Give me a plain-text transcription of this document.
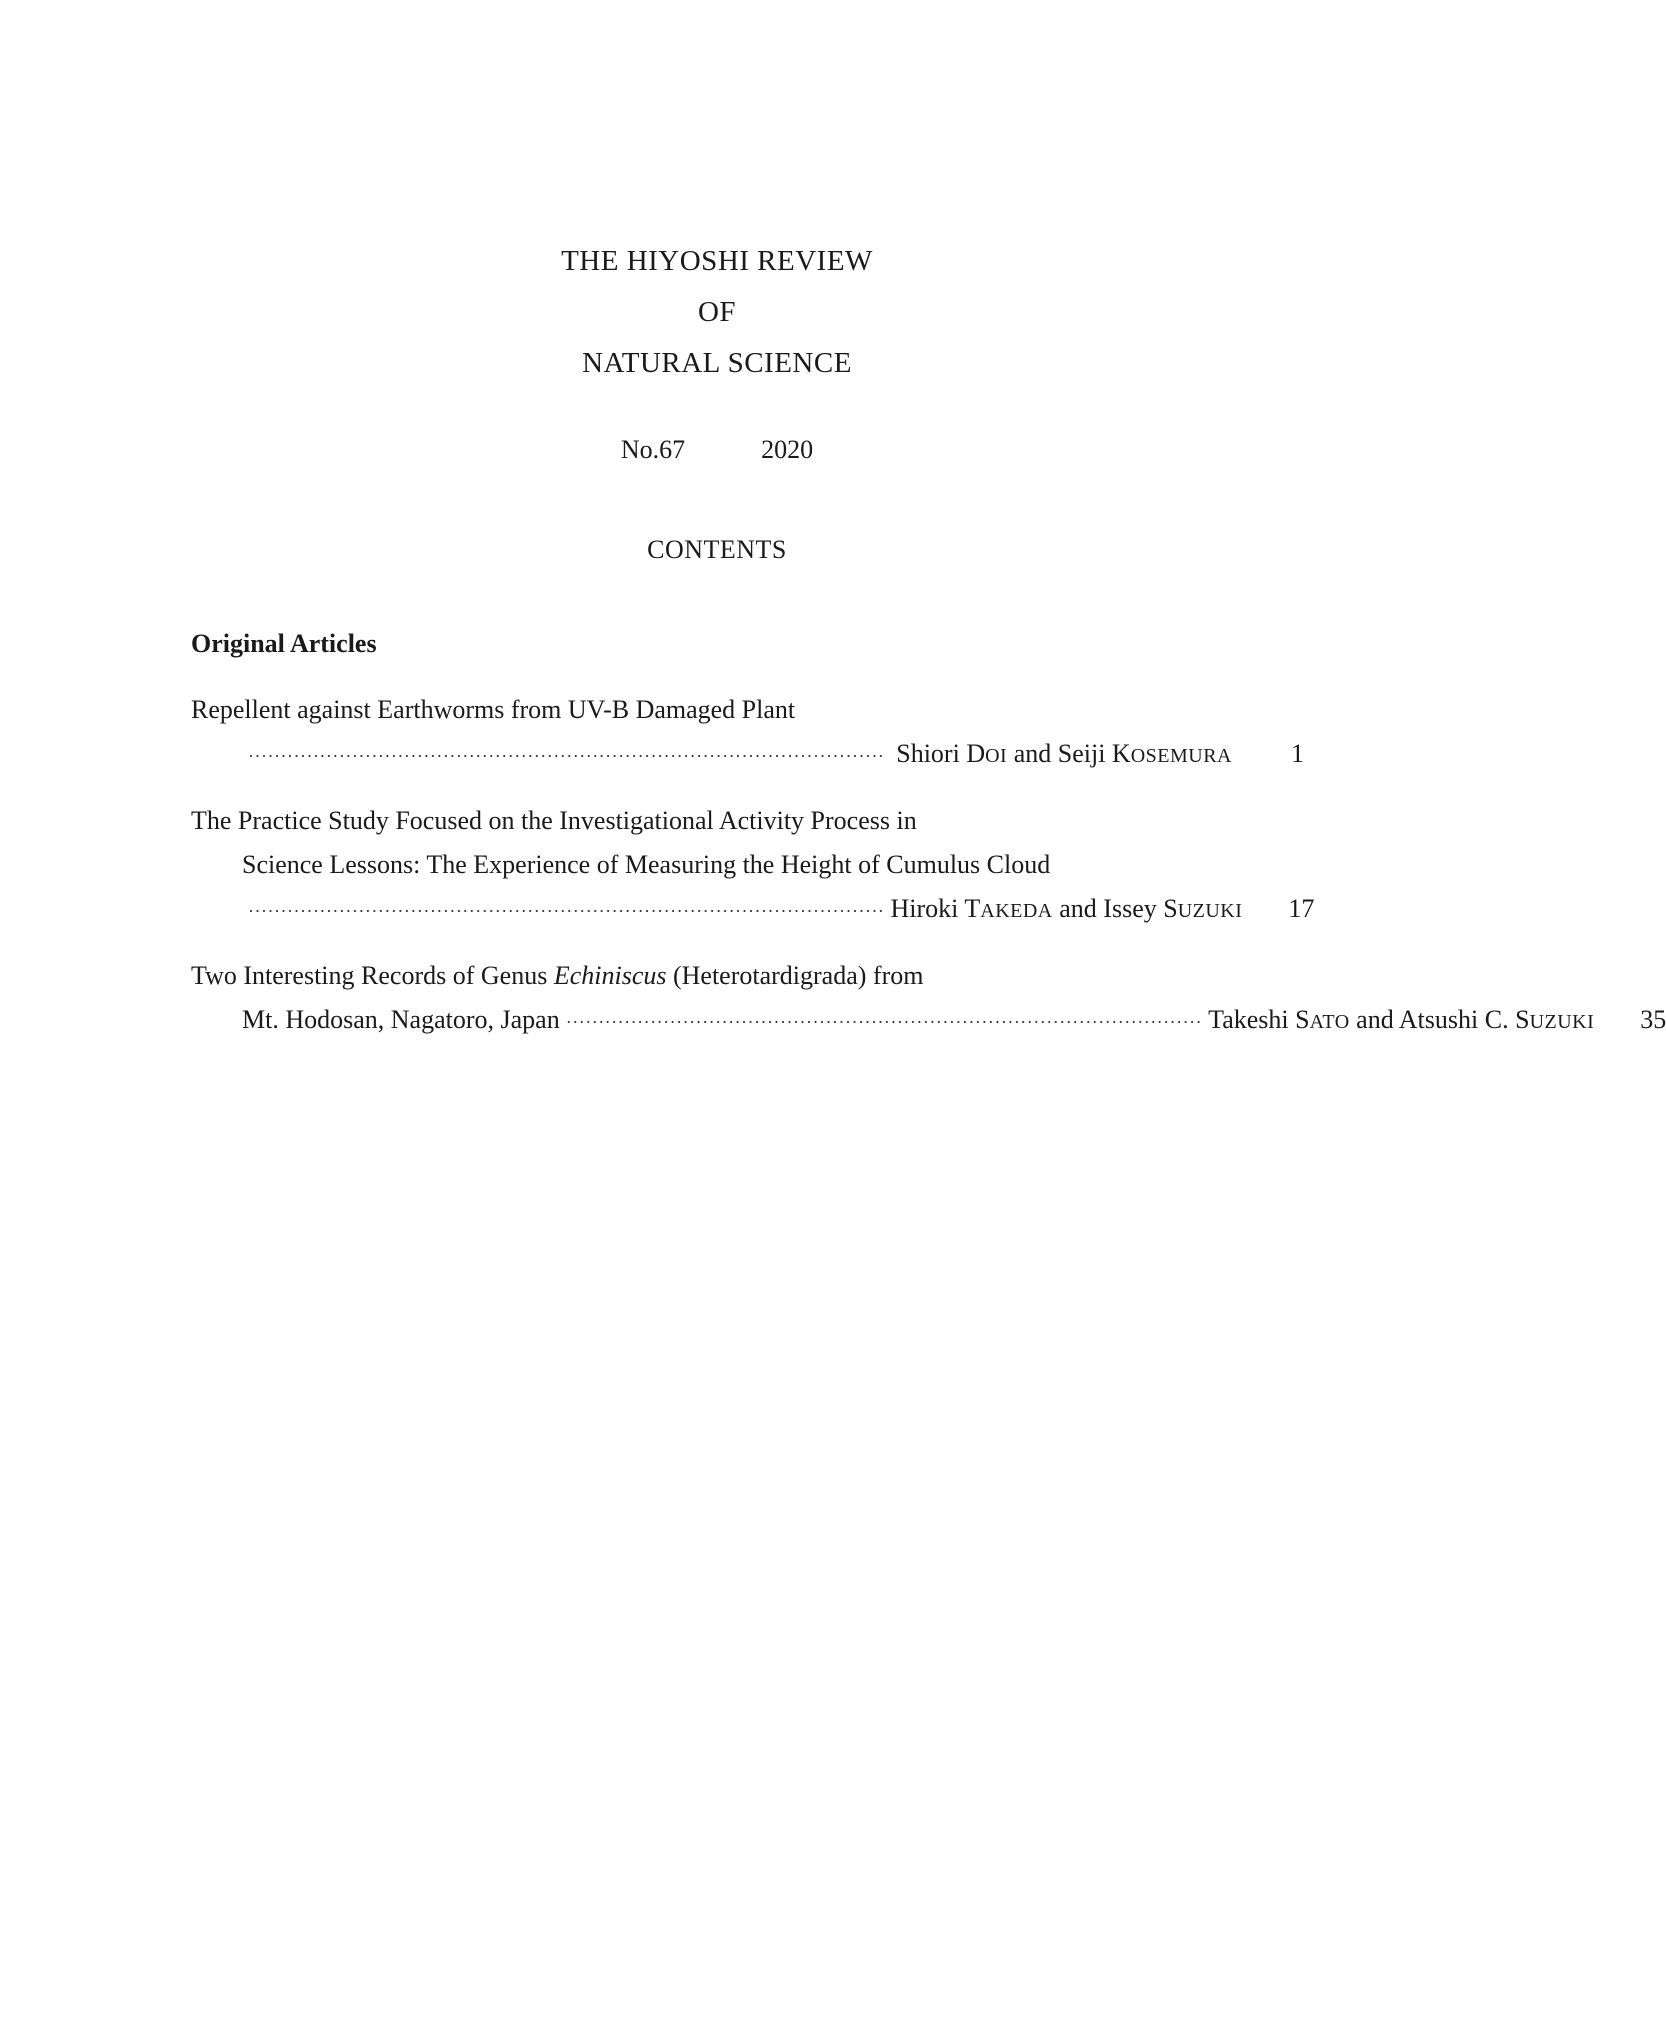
THE HIYOSHI REVIEW
OF
NATURAL SCIENCE
No.67	2020
CONTENTS
Original Articles
Repellent against Earthworms from UV-B Damaged Plant
·································································································· Shiori DOI and Seiji KOSEMURA	1
The Practice Study Focused on the Investigational Activity Process in
Science Lessons: The Experience of Measuring the Height of Cumulus Cloud
·································································································· Hiroki TAKEDA and Issey SUZUKI	17
Two Interesting Records of Genus Echiniscus (Heterotardigrada) from
Mt. Hodosan, Nagatoro, Japan ·································································································· Takeshi SATO and Atsushi C. SUZUKI	35
